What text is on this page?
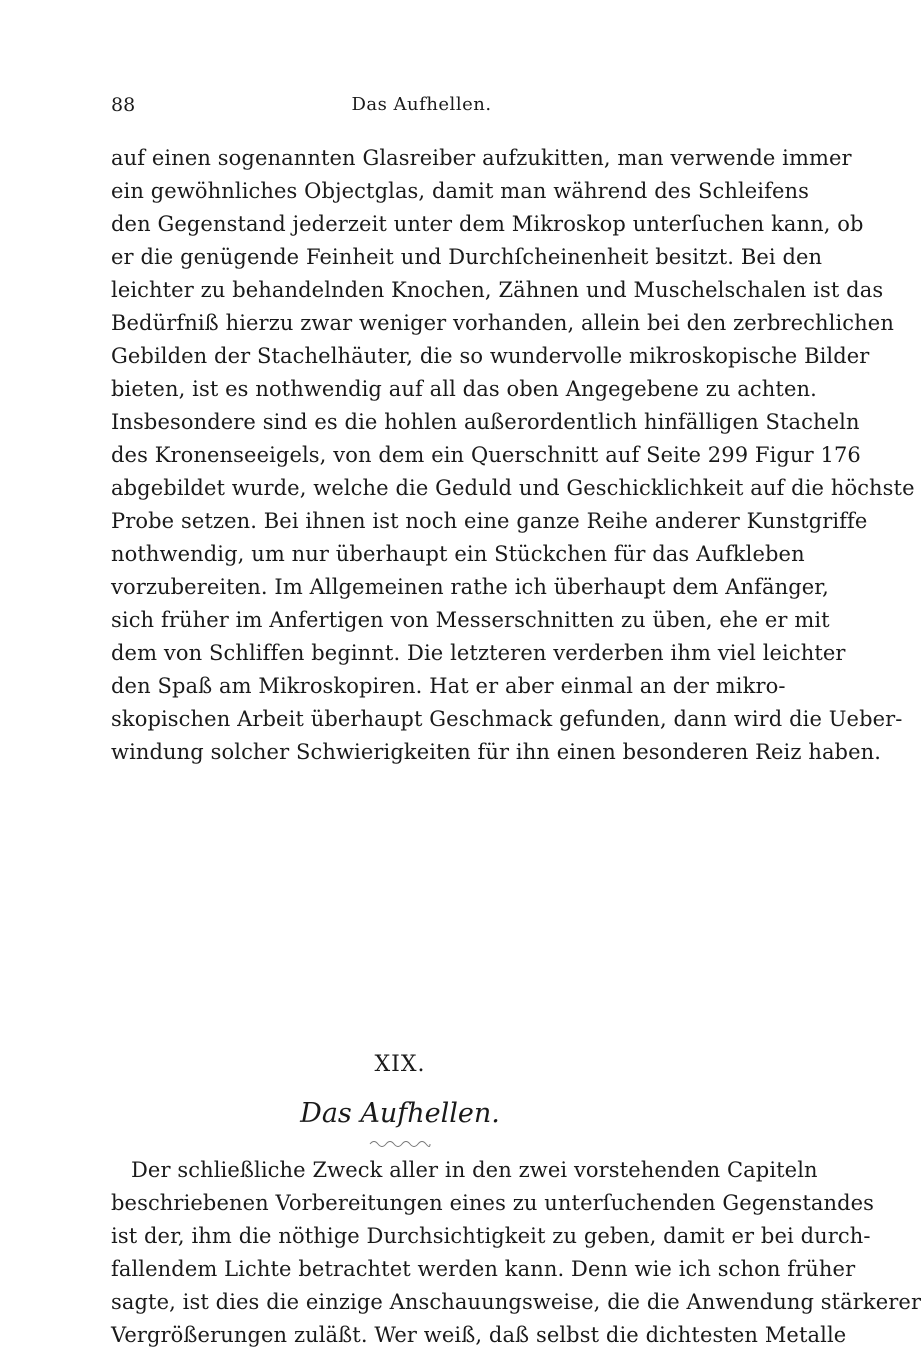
88	Das Aufhellen.
auf einen sogenannten Glasreiber aufzukitten, man verwende immer
ein gewöhnliches Objectglas, damit man während des Schleifens
den Gegenstand jederzeit unter dem Mikroskop unterſuchen kann, ob
er die genügende Feinheit und Durchſcheinenheit besitzt. Bei den
leichter zu behandelnden Knochen, Zähnen und Muschelschalen ist das
Bedürfniß hierzu zwar weniger vorhanden, allein bei den zerbrechlichen
Gebilden der Stachelhäuter, die so wundervolle mikroskopische Bilder
bieten, ist es nothwendig auf all das oben Angegebene zu achten.
Insbesondere sind es die hohlen außerordentlich hinfälligen Stacheln
des Kronenseeigels, von dem ein Querschnitt auf Seite 299 Figur 176
abgebildet wurde, welche die Geduld und Geschicklichkeit auf die höchste
Probe setzen. Bei ihnen ist noch eine ganze Reihe anderer Kunstgriffe
nothwendig, um nur überhaupt ein Stückchen für das Aufkleben
vorzubereiten. Im Allgemeinen rathe ich überhaupt dem Anfänger,
sich früher im Anfertigen von Messerschnitten zu üben, ehe er mit
dem von Schliffen beginnt. Die letzteren verderben ihm viel leichter
den Spaß am Mikroskopiren. Hat er aber einmal an der mikro-
skopischen Arbeit überhaupt Geschmack gefunden, dann wird die Ueber-
windung solcher Schwierigkeiten für ihn einen besonderen Reiz haben.
XIX.
Das Aufhellen.
Der schließliche Zweck aller in den zwei vorstehenden Capiteln
beschriebenen Vorbereitungen eines zu unterſuchenden Gegenstandes
ist der, ihm die nöthige Durchsichtigkeit zu geben, damit er bei durch-
fallendem Lichte betrachtet werden kann. Denn wie ich schon früher
sagte, ist dies die einzige Anschauungsweise, die die Anwendung stärkerer
Vergrößerungen zuläßt. Wer weiß, daß selbst die dichtesten Metalle
